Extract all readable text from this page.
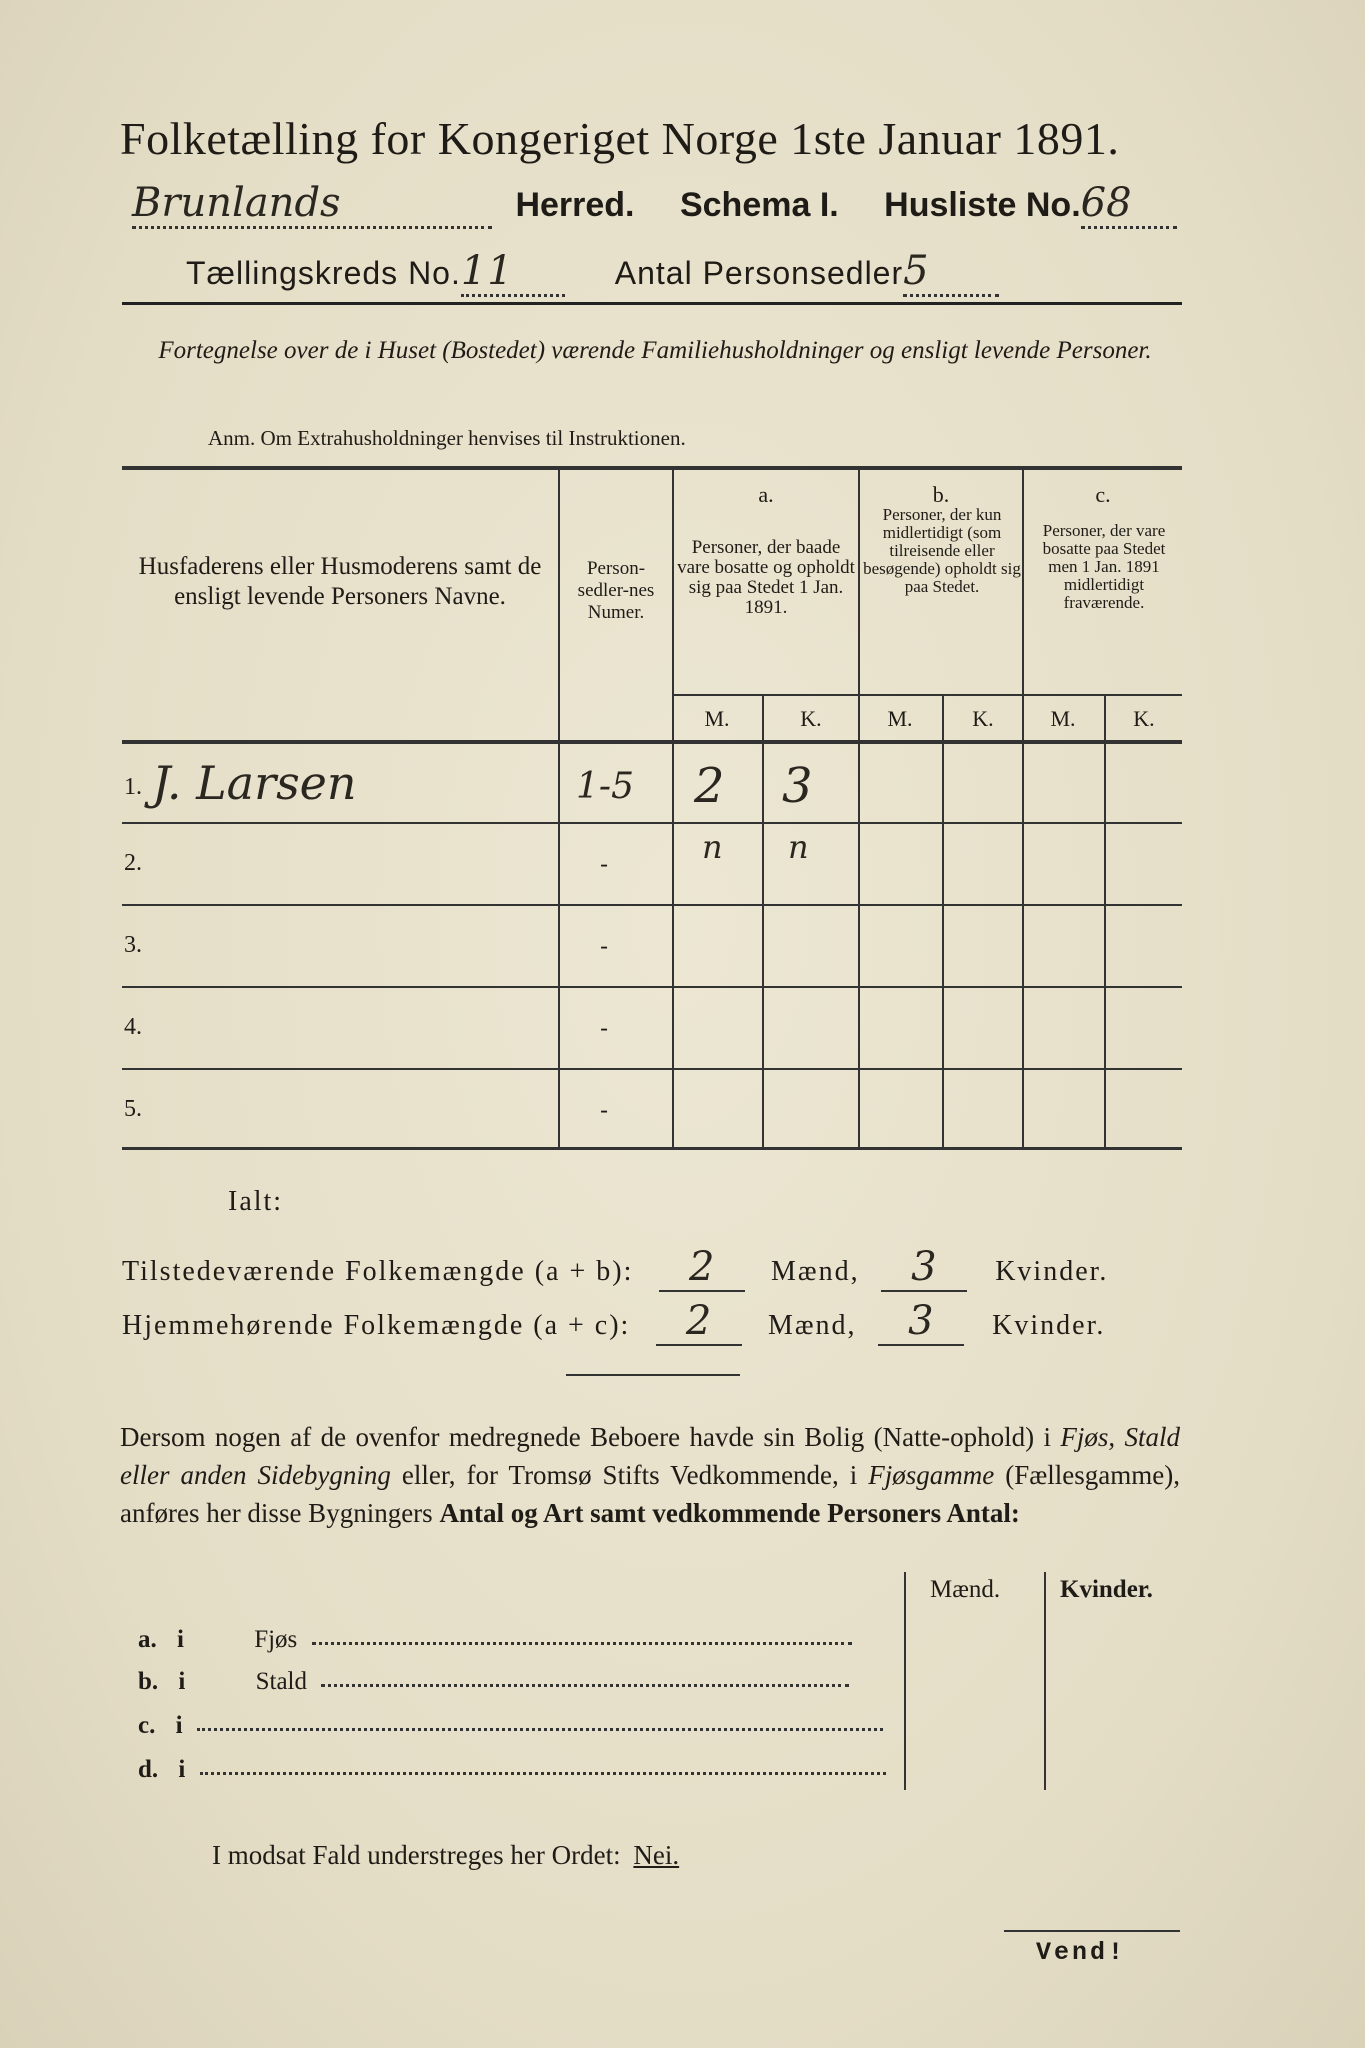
Folketælling for Kongeriget Norge 1ste Januar 1891.
Brunlands	Herred. Schema I. Husliste No.68
Tællingskreds No.11	Antal Personsedler5
Fortegnelse over de i Huset (Bostedet) værende Familiehusholdninger og ensligt levende Personer.
Anm. Om Extrahusholdninger henvises til Instruktionen.
Husfaderens eller Husmoderens samt de ensligt levende Personers Navne.
Person-sedler-nes Numer.
a.
Personer, der baade vare bosatte og opholdt sig paa Stedet 1 Jan. 1891.
b.
Personer, der kun midlertidigt (som tilreisende eller besøgende) opholdt sig paa Stedet.
c.
Personer, der vare bosatte paa Stedet men 1 Jan. 1891 midlertidigt fraværende.
M.	K.	M.	K.	M.	K.
1. J. Larsen	1-5 2 3
2.	-	n n
3.	-
4.	-
5.	-
Ialt:
Tilstedeværende Folkemængde (a + b): 2 Mænd, 3 Kvinder.
Hjemmehørende Folkemængde (a + c): 2 Mænd, 3 Kvinder.
Dersom nogen af de ovenfor medregnede Beboere havde sin Bolig (Natte-ophold) i Fjøs, Stald eller anden Sidebygning eller, for Tromsø Stifts Vedkommende, i Fjøsgamme (Fællesgamme), anføres her disse Bygningers Antal og Art samt vedkommende Personers Antal:
Mænd. Kvinder.
a. i	Fjøs
b. i	Stald
c. i
d. i
I modsat Fald understreges her Ordet: Nei.
Vend!
